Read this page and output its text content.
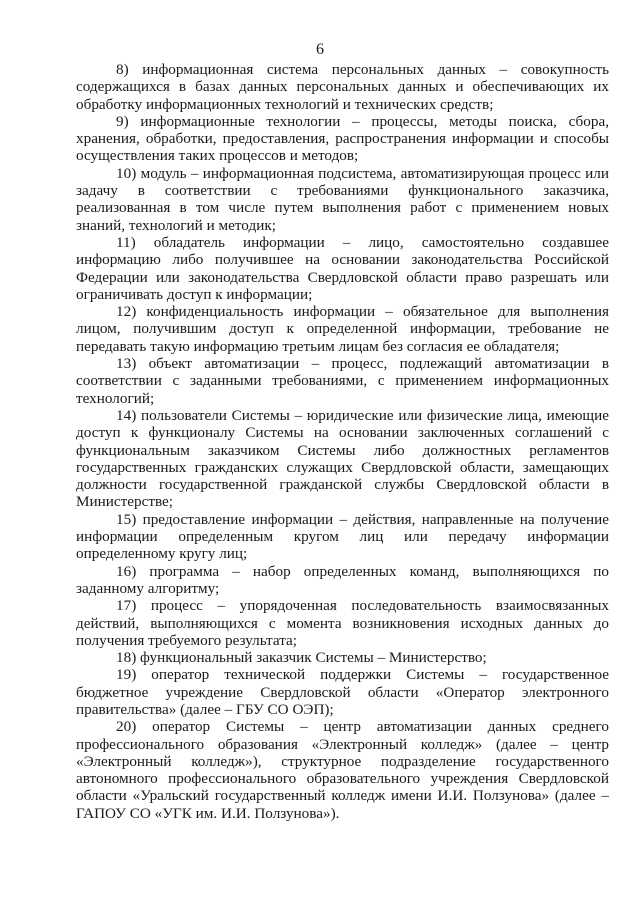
6

8) информационная система персональных данных – совокупность содержащихся в базах данных персональных данных и обеспечивающих их обработку информационных технологий и технических средств;

9) информационные технологии – процессы, методы поиска, сбора, хранения, обработки, предоставления, распространения информации и способы осуществления таких процессов и методов;

10) модуль – информационная подсистема, автоматизирующая процесс или задачу в соответствии с требованиями функционального заказчика, реализованная в том числе путем выполнения работ с применением новых знаний, технологий и методик;

11) обладатель информации – лицо, самостоятельно создавшее информацию либо получившее на основании законодательства Российской Федерации или законодательства Свердловской области право разрешать или ограничивать доступ к информации;

12) конфиденциальность информации – обязательное для выполнения лицом, получившим доступ к определенной информации, требование не передавать такую информацию третьим лицам без согласия ее обладателя;

13) объект автоматизации – процесс, подлежащий автоматизации в соответствии с заданными требованиями, с применением информационных технологий;

14) пользователи Системы – юридические или физические лица, имеющие доступ к функционалу Системы на основании заключенных соглашений с функциональным заказчиком Системы либо должностных регламентов государственных гражданских служащих Свердловской области, замещающих должности государственной гражданской службы Свердловской области в Министерстве;

15) предоставление информации – действия, направленные на получение информации определенным кругом лиц или передачу информации определенному кругу лиц;

16) программа – набор определенных команд, выполняющихся по заданному алгоритму;

17) процесс – упорядоченная последовательность взаимосвязанных действий, выполняющихся с момента возникновения исходных данных до получения требуемого результата;

18) функциональный заказчик Системы – Министерство;

19) оператор технической поддержки Системы – государственное бюджетное учреждение Свердловской области «Оператор электронного правительства» (далее – ГБУ СО ОЭП);

20) оператор Системы – центр автоматизации данных среднего профессионального образования «Электронный колледж» (далее – центр «Электронный колледж»), структурное подразделение государственного автономного профессионального образовательного учреждения Свердловской области «Уральский государственный колледж имени И.И. Ползунова» (далее – ГАПОУ СО «УГК им. И.И. Ползунова»).
